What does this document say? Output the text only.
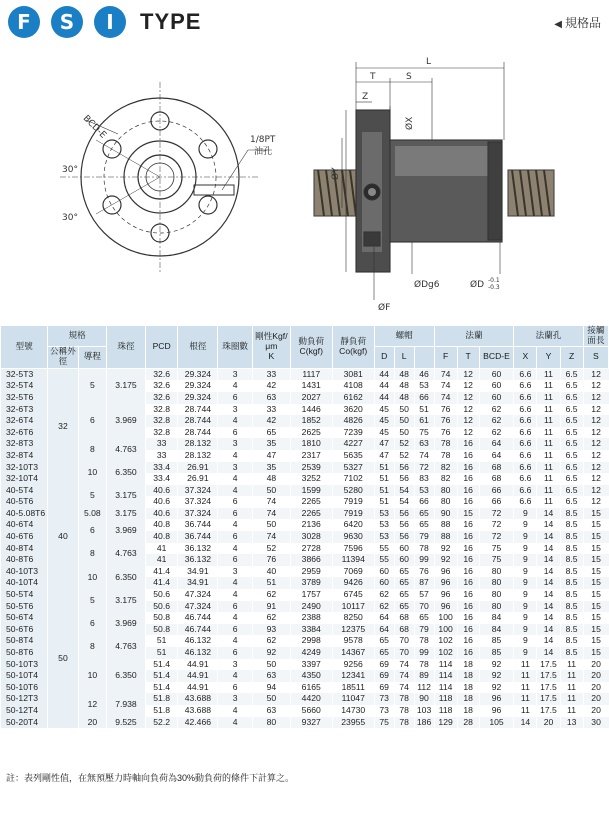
F	S	I	TYPE	◀ 規格品
BCD-E	1/8PT
油孔
30°
30°
L
T	S
Z
ØX
ØY
ØF
ØDg6	ØD -0.1
-0.3
型號	規格		珠徑	PCD	根徑	珠圈數	剛性Kgf/μm
K	動負荷C(kgf)	靜負荷Co(kgf)	螺帽			法蘭			法蘭孔			接觸面長
	公稱外徑	導程								D	L		F	T	BCD-E	X	Y	Z	S
32-5T3	32	5	3.175	32.6	29.324	3	33	1117	3081	44	48	46	74	12	60	6.6	11	6.5	12
32-5T4				32.6	29.324	4	42	1431	4108	44	48	53	74	12	60	6.6	11	6.5	12
32-5T6				32.6	29.324	6	63	2027	6162	44	48	66	74	12	60	6.6	11	6.5	12
32-6T3		6	3.969	32.8	28.744	3	33	1446	3620	45	50	51	76	12	62	6.6	11	6.5	12
32-6T4				32.8	28.744	4	42	1852	4826	45	50	61	76	12	62	6.6	11	6.5	12
32-6T6				32.8	28.744	6	65	2625	7239	45	50	75	76	12	62	6.6	11	6.5	12
32-8T3		8	4.763	33	28.132	3	35	1810	4227	47	52	63	78	16	64	6.6	11	6.5	12
32-8T4				33	28.132	4	47	2317	5635	47	52	74	78	16	64	6.6	11	6.5	12
32-10T3		10	6.350	33.4	26.91	3	35	2539	5327	51	56	72	82	16	68	6.6	11	6.5	12
32-10T4				33.4	26.91	4	48	3252	7102	51	56	83	82	16	68	6.6	11	6.5	12
40-5T4	40	5	3.175	40.6	37.324	4	50	1599	5280	51	54	53	80	16	66	6.6	11	6.5	12
40-5T6				40.6	37.324	6	74	2265	7919	51	54	66	80	16	66	6.6	11	6.5	12
40-5.08T6		5.08	3.175	40.6	37.324	6	74	2265	7919	53	56	65	90	15	72	9	14	8.5	15
40-6T4		6	3.969	40.8	36.744	4	50	2136	6420	53	56	65	88	16	72	9	14	8.5	15
40-6T6				40.8	36.744	6	74	3028	9630	53	56	79	88	16	72	9	14	8.5	15
40-8T4		8	4.763	41	36.132	4	52	2728	7596	55	60	78	92	16	75	9	14	8.5	15
40-8T6				41	36.132	6	76	3866	11394	55	60	99	92	16	75	9	14	8.5	15
40-10T3		10	6.350	41.4	34.91	3	40	2959	7069	60	65	76	96	16	80	9	14	8.5	15
40-10T4				41.4	34.91	4	51	3789	9426	60	65	87	96	16	80	9	14	8.5	15
50-5T4	50	5	3.175	50.6	47.324	4	62	1757	6745	62	65	57	96	16	80	9	14	8.5	15
50-5T6				50.6	47.324	6	91	2490	10117	62	65	70	96	16	80	9	14	8.5	15
50-6T4		6	3.969	50.8	46.744	4	62	2388	8250	64	68	65	100	16	84	9	14	8.5	15
50-6T6				50.8	46.744	6	93	3384	12375	64	68	79	100	16	84	9	14	8.5	15
50-8T4		8	4.763	51	46.132	4	62	2998	9578	65	70	78	102	16	85	9	14	8.5	15
50-8T6				51	46.132	6	92	4249	14367	65	70	99	102	16	85	9	14	8.5	15
50-10T3		10	6.350	51.4	44.91	3	50	3397	9256	69	74	78	114	18	92	11	17.5	11	20
50-10T4				51.4	44.91	4	63	4350	12341	69	74	89	114	18	92	11	17.5	11	20
50-10T6				51.4	44.91	6	94	6165	18511	69	74	112	114	18	92	11	17.5	11	20
50-12T3		12	7.938	51.8	43.688	3	50	4420	11047	73	78	90	118	18	96	11	17.5	11	20
50-12T4				51.8	43.688	4	63	5660	14730	73	78	103	118	18	96	11	17.5	11	20
50-20T4		20	9.525	52.2	42.466	4	80	9327	23955	75	78	186	129	28	105	14	20	13	30
註：表列剛性值，在無預壓力時軸向負荷為30%動負荷的條件下計算之。
